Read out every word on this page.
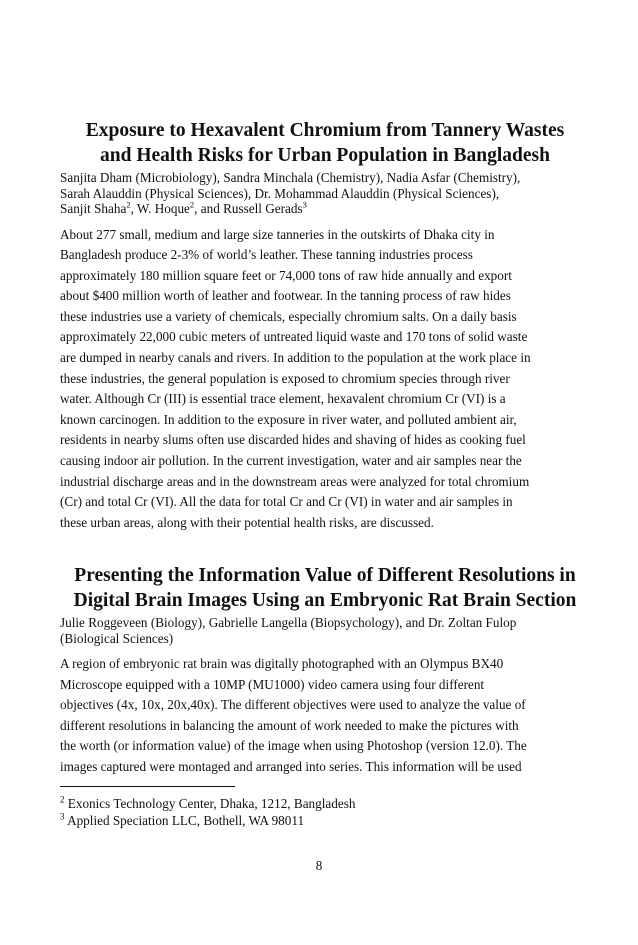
Exposure to Hexavalent Chromium from Tannery Wastes
and Health Risks for Urban Population in Bangladesh

Sanjita Dham (Microbiology), Sandra Minchala (Chemistry), Nadia Asfar (Chemistry),
Sarah Alauddin (Physical Sciences), Dr. Mohammad Alauddin (Physical Sciences),
Sanjit Shaha$^2$, W. Hoque$^2$, and Russell Gerads$^3$

About 277 small, medium and large size tanneries in the outskirts of Dhaka city in
Bangladesh produce 2-3% of world’s leather. These tanning industries process
approximately 180 million square feet or 74,000 tons of raw hide annually and export
about $400 million worth of leather and footwear. In the tanning process of raw hides
these industries use a variety of chemicals, especially chromium salts. On a daily basis
approximately 22,000 cubic meters of untreated liquid waste and 170 tons of solid waste
are dumped in nearby canals and rivers. In addition to the population at the work place in
these industries, the general population is exposed to chromium species through river
water. Although Cr (III) is essential trace element, hexavalent chromium Cr (VI) is a
known carcinogen. In addition to the exposure in river water, and polluted ambient air,
residents in nearby slums often use discarded hides and shaving of hides as cooking fuel
causing indoor air pollution. In the current investigation, water and air samples near the
industrial discharge areas and in the downstream areas were analyzed for total chromium
(Cr) and total Cr (VI). All the data for total Cr and Cr (VI) in water and air samples in
these urban areas, along with their potential health risks, are discussed.

Presenting the Information Value of Different Resolutions in
Digital Brain Images Using an Embryonic Rat Brain Section

Julie Roggeveen (Biology), Gabrielle Langella (Biopsychology), and Dr. Zoltan Fulop
(Biological Sciences)

A region of embryonic rat brain was digitally photographed with an Olympus BX40
Microscope equipped with a 10MP (MU1000) video camera using four different
objectives (4x, 10x, 20x,40x). The different objectives were used to analyze the value of
different resolutions in balancing the amount of work needed to make the pictures with
the worth (or information value) of the image when using Photoshop (version 12.0). The
images captured were montaged and arranged into series. This information will be used

$^2$ Exonics Technology Center, Dhaka, 1212, Bangladesh
$^3$ Applied Speciation LLC, Bothell, WA 98011
8
